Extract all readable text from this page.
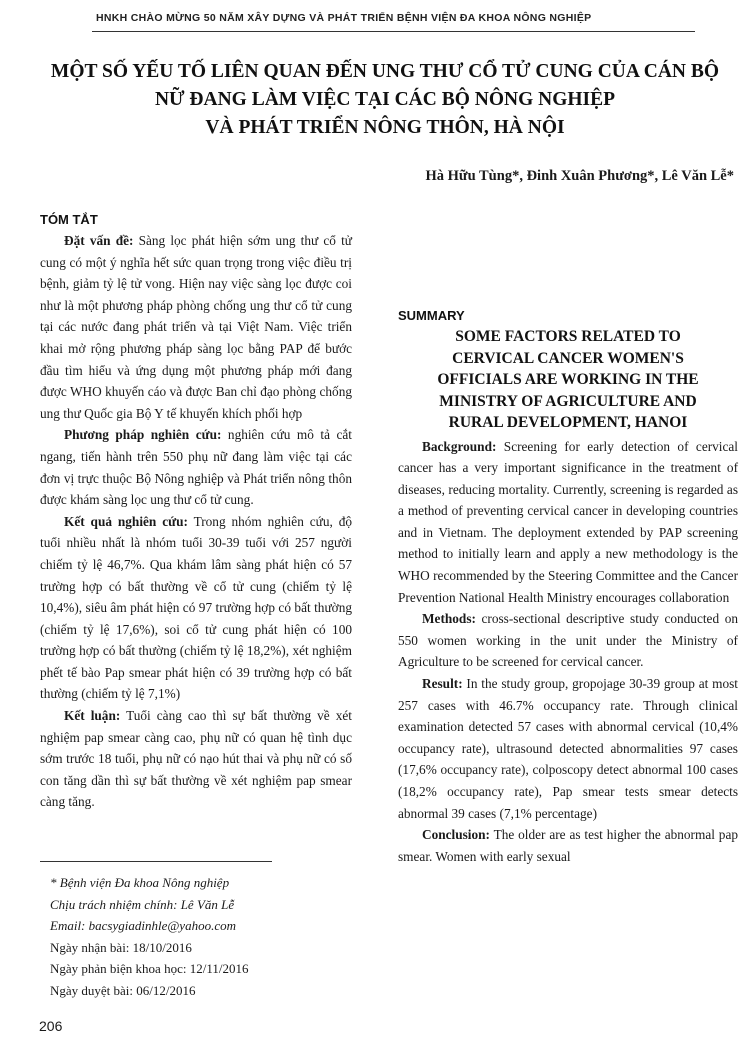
HNKH CHÀO MỪNG 50 NĂM XÂY DỰNG VÀ PHÁT TRIỂN BỆNH VIỆN ĐA KHOA NÔNG NGHIỆP
MỘT SỐ YẾU TỐ LIÊN QUAN ĐẾN UNG THƯ CỔ TỬ CUNG CỦA CÁN BỘ
NỮ ĐANG LÀM VIỆC TẠI CÁC BỘ NÔNG NGHIỆP
VÀ PHÁT TRIỂN NÔNG THÔN, HÀ NỘI
Hà Hữu Tùng*, Đinh Xuân Phương*, Lê Văn Lễ*
TÓM TẮT

Đặt vấn đề: Sàng lọc phát hiện sớm ung thư cổ tử cung có một ý nghĩa hết sức quan trọng trong việc điều trị bệnh, giảm tỷ lệ tử vong. Hiện nay việc sàng lọc được coi như là một phương pháp phòng chống ung thư cổ tử cung tại các nước đang phát triển và tại Việt Nam. Việc triển khai mở rộng phương pháp sàng lọc bằng PAP để bước đầu tìm hiểu và ứng dụng một phương pháp mới đang được WHO khuyến cáo và được Ban chỉ đạo phòng chống ung thư Quốc gia Bộ Y tế khuyến khích phối hợp

Phương pháp nghiên cứu: nghiên cứu mô tả cắt ngang, tiến hành trên 550 phụ nữ đang làm việc tại các đơn vị trực thuộc Bộ Nông nghiệp và Phát triển nông thôn được khám sàng lọc ung thư cổ tử cung.

Kết quả nghiên cứu: Trong nhóm nghiên cứu, độ tuổi nhiều nhất là nhóm tuổi 30-39 tuổi với 257 người chiếm tỷ lệ 46,7%. Qua khám lâm sàng phát hiện có 57 trường hợp có bất thường về cổ tử cung (chiếm tỷ lệ 10,4%), siêu âm phát hiện có 97 trường hợp có bất thường (chiếm tỷ lệ 17,6%), soi cổ tử cung phát hiện có 100 trường hợp có bất thường (chiếm tỷ lệ 18,2%), xét nghiệm phết tế bào Pap smear phát hiện có 39 trường hợp có bất thường (chiếm tỷ lệ 7,1%)

Kết luận: Tuổi càng cao thì sự bất thường về xét nghiệm pap smear càng cao, phụ nữ có quan hệ tình dục sớm trước 18 tuổi, phụ nữ có nạo hút thai và phụ nữ có số con tăng dần thì sự bất thường về xét nghiệm pap smear càng tăng.

SUMMARY
SOME FACTORS RELATED TO
CERVICAL CANCER WOMEN'S
OFFICIALS ARE WORKING IN THE
MINISTRY OF AGRICULTURE AND
RURAL DEVELOPMENT, HANOI

Background: Screening for early detection of cervical cancer has a very important significance in the treatment of diseases, reducing mortality. Currently, screening is regarded as a method of preventing cervical cancer in developing countries and in Vietnam. The deployment extended by PAP screening method to initially learn and apply a new methodology is the WHO recommended by the Steering Committee and the Cancer Prevention National Health Ministry encourages collaboration

Methods: cross-sectional descriptive study conducted on 550 women working in the unit under the Ministry of Agriculture to be screened for cervical cancer.

Result: In the study group, gropojage 30-39 group at most 257 cases with 46.7% occupancy rate. Through clinical examination detected 57 cases with abnormal cervical (10,4% occupancy rate), ultrasound detected abnormalities 97 cases (17,6% occupancy rate), colposcopy detect abnormal 100 cases (18,2% occupancy rate), Pap smear tests smear detects abnormal 39 cases (7,1% percentage)

Conclusion: The older are as test higher the abnormal pap smear. Women with early sexual

* Bệnh viện Đa khoa Nông nghiệp
Chịu trách nhiệm chính: Lê Văn Lễ
Email: bacsygiadinhle@yahoo.com
Ngày nhận bài: 18/10/2016
Ngày phản biện khoa học: 12/11/2016
Ngày duyệt bài: 06/12/2016
206
